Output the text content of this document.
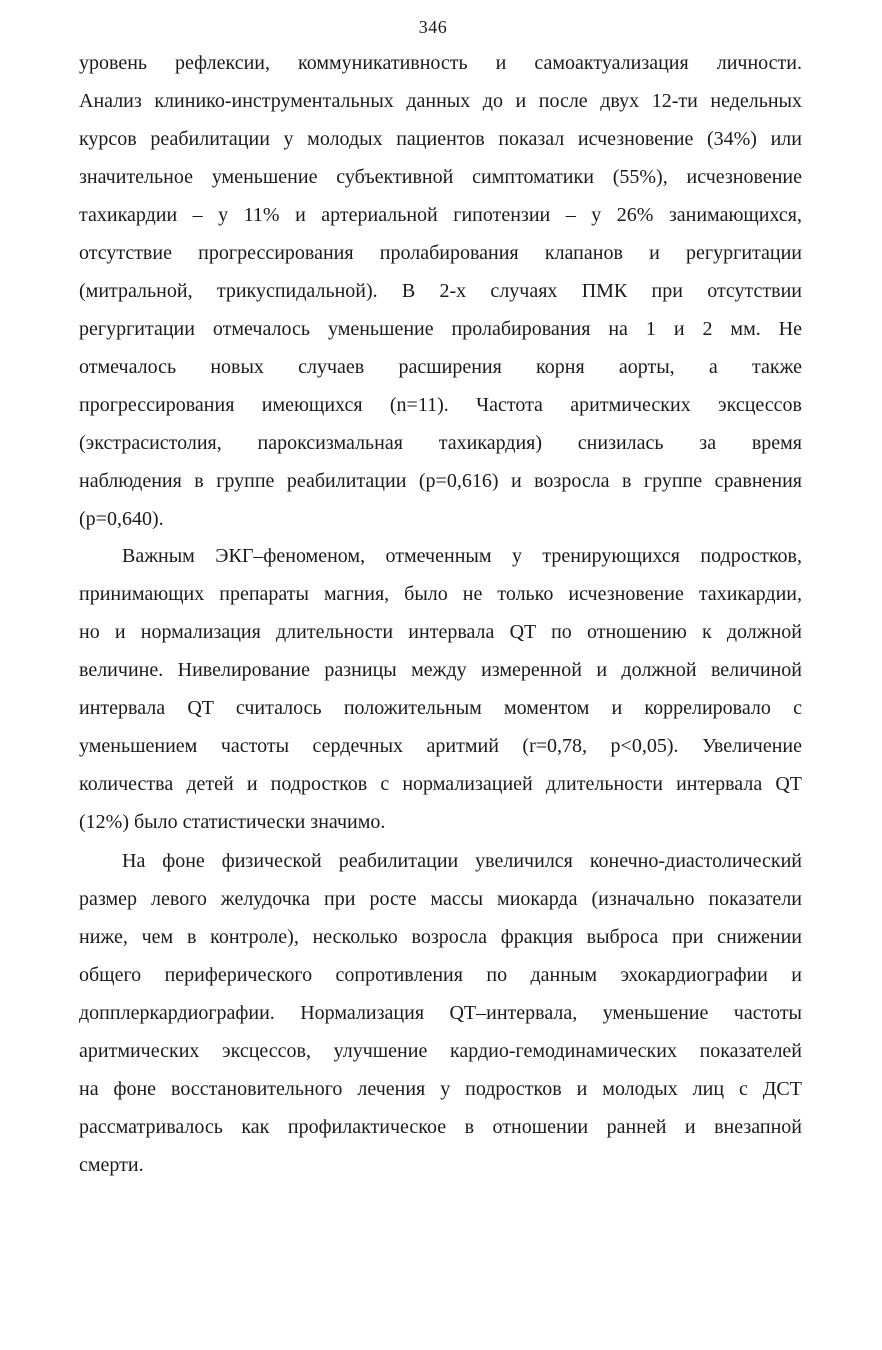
346
уровень рефлексии, коммуникативность и самоактуализация личности.
Анализ клинико-инструментальных данных до и после двух 12-ти недельных
курсов реабилитации у молодых пациентов показал исчезновение (34%) или
значительное уменьшение субъективной симптоматики (55%), исчезновение
тахикардии – у 11% и артериальной гипотензии – у 26% занимающихся,
отсутствие прогрессирования пролабирования клапанов и регургитации
(митральной, трикуспидальной). В 2-х случаях ПМК при отсутствии
регургитации отмечалось уменьшение пролабирования на 1 и 2 мм. Не
отмечалось новых случаев расширения корня аорты, а также
прогрессирования имеющихся (n=11). Частота аритмических эксцессов
(экстрасистолия, пароксизмальная тахикардия) снизилась за время
наблюдения в группе реабилитации (p=0,616) и возросла в группе сравнения
(p=0,640).
Важным ЭКГ–феноменом, отмеченным у тренирующихся подростков,
принимающих препараты магния, было не только исчезновение тахикардии,
но и нормализация длительности интервала QT по отношению к должной
величине. Нивелирование разницы между измеренной и должной величиной
интервала QT считалось положительным моментом и коррелировало с
уменьшением частоты сердечных аритмий (r=0,78, p<0,05). Увеличение
количества детей и подростков с нормализацией длительности интервала QT
(12%) было статистически значимо.
На фоне физической реабилитации увеличился конечно-диастолический
размер левого желудочка при росте массы миокарда (изначально показатели
ниже, чем в контроле), несколько возросла фракция выброса при снижении
общего периферического сопротивления по данным эхокардиографии и
допплеркардиографии. Нормализация QT–интервала, уменьшение частоты
аритмических эксцессов, улучшение кардио-гемодинамических показателей
на фоне восстановительного лечения у подростков и молодых лиц с ДСТ
рассматривалось как профилактическое в отношении ранней и внезапной
смерти.
